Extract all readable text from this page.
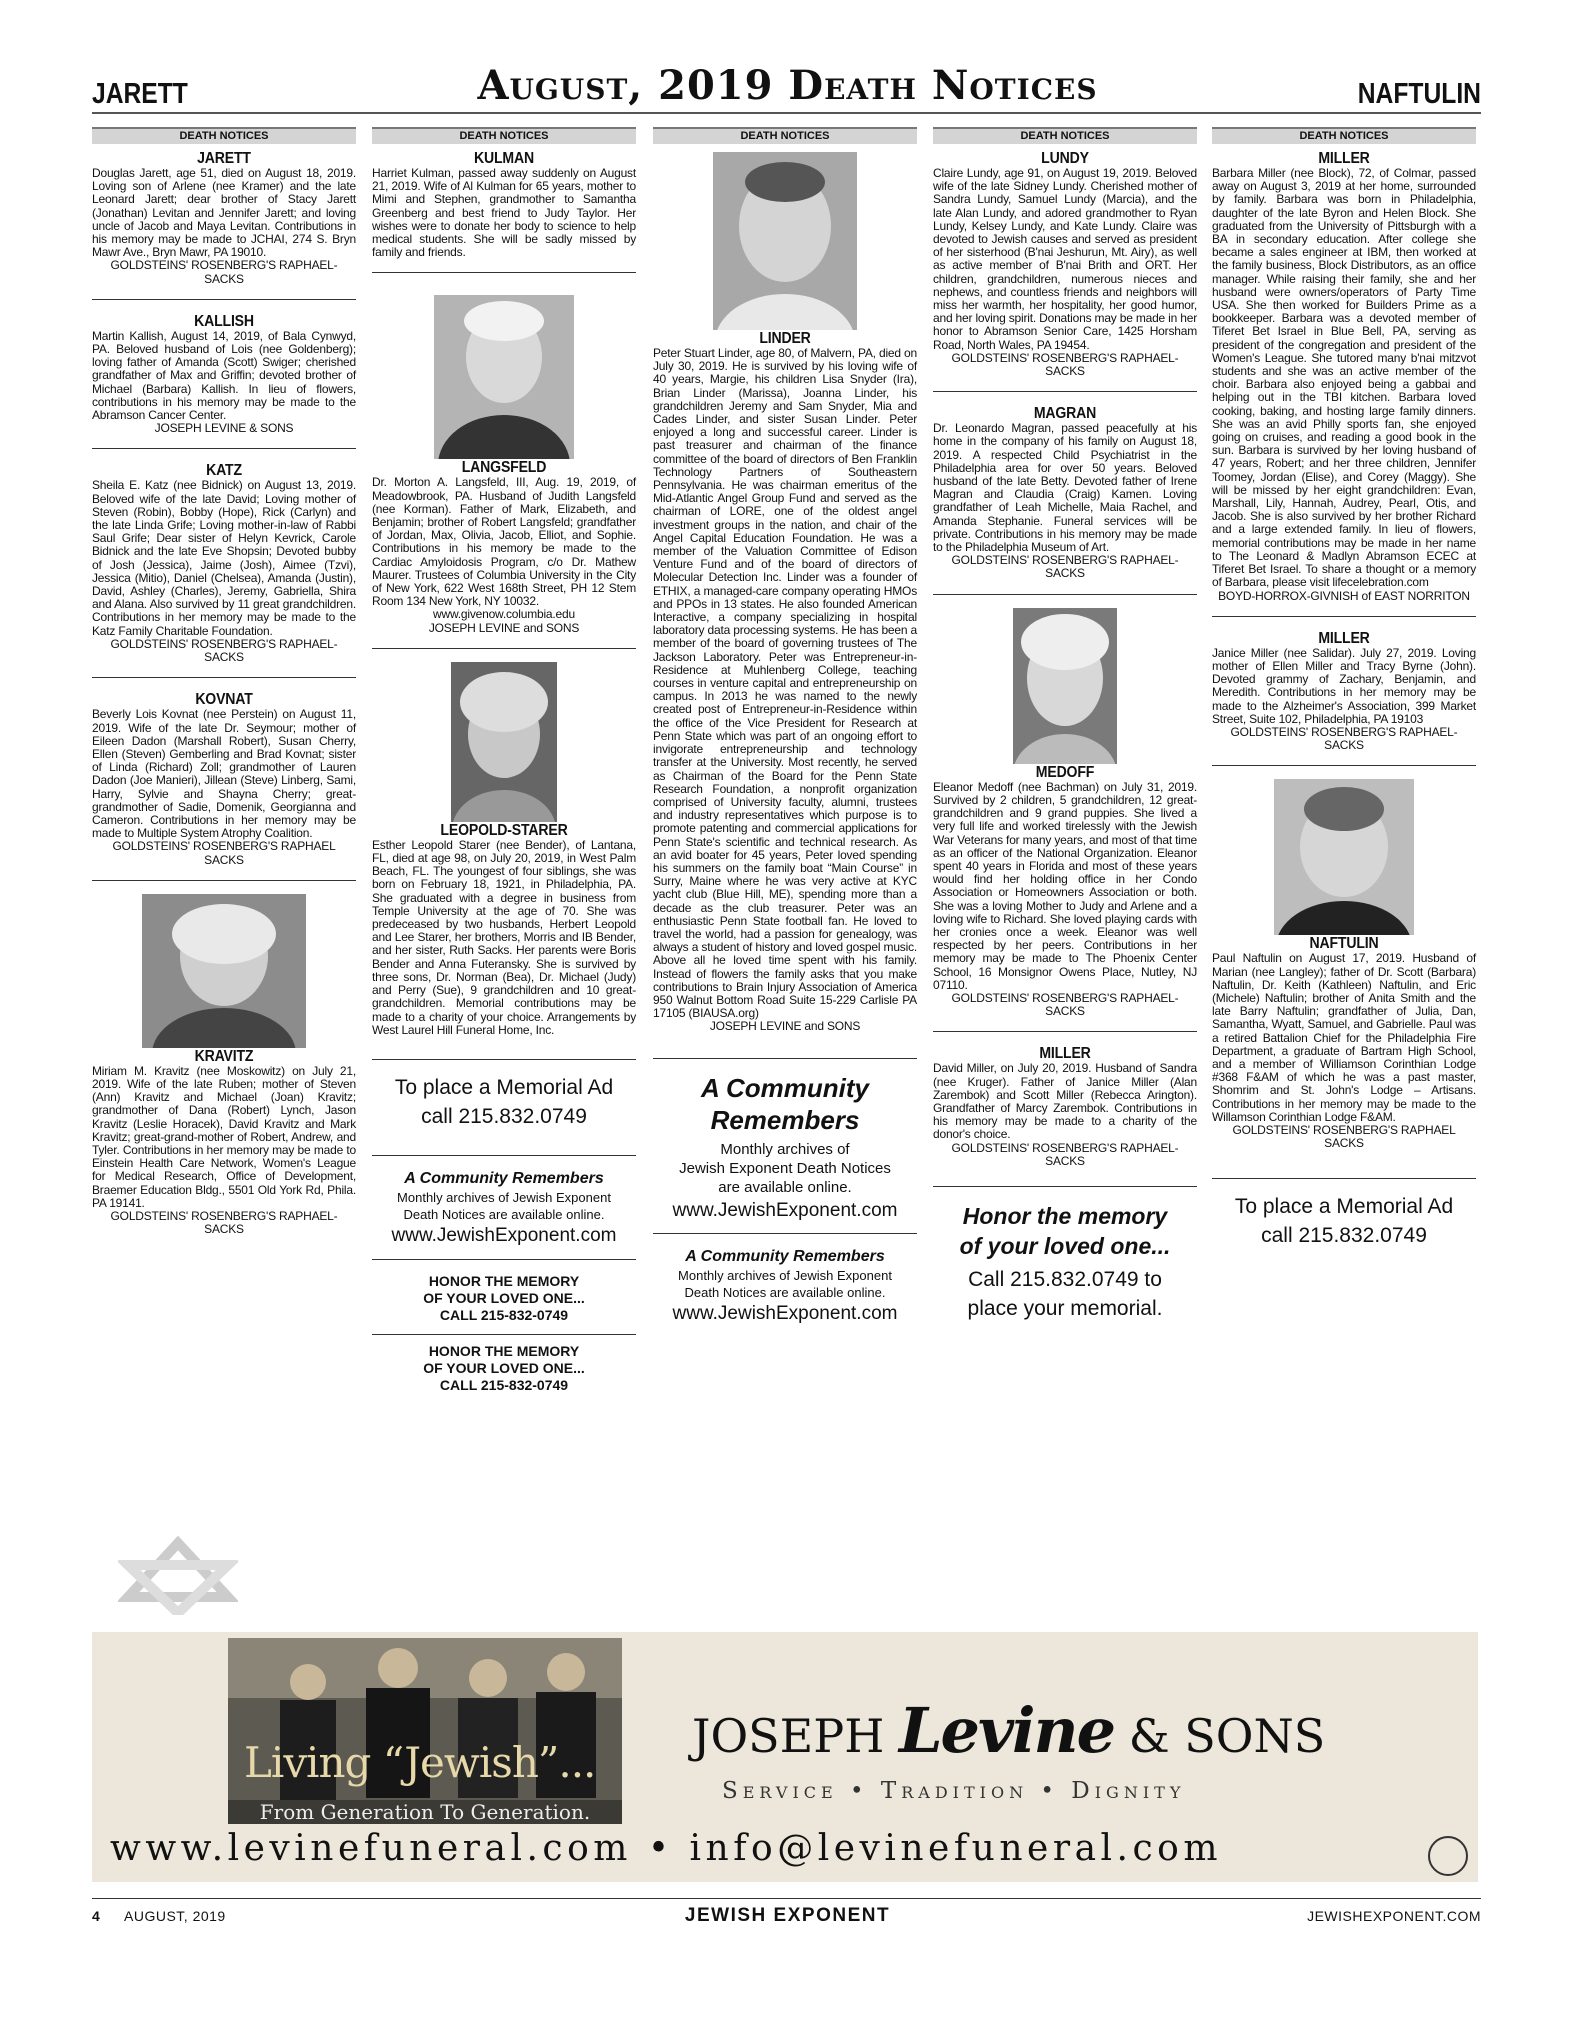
JARETT	August, 2019 Death Notices	NAFTULIN
DEATH NOTICES
JARETT
Douglas Jarett, age 51, died on August 18, 2019. Loving son of Arlene (nee Kramer) and the late Leonard Jarett; dear brother of Stacy Jarett (Jonathan) Levitan and Jennifer Jarett; and loving uncle of Jacob and Maya Levitan. Contributions in his memory may be made to JCHAI, 274 S. Bryn Mawr Ave., Bryn Mawr, PA 19010.
GOLDSTEINS' ROSENBERG'S RAPHAEL-SACKS
KALLISH
Martin Kallish, August 14, 2019, of Bala Cynwyd, PA. Beloved husband of Lois (nee Goldenberg); loving father of Amanda (Scott) Swiger; cherished grandfather of Max and Griffin; devoted brother of Michael (Barbara) Kallish. In lieu of flowers, contributions in his memory may be made to the Abramson Cancer Center.
JOSEPH LEVINE & SONS
KATZ
Sheila E. Katz (nee Bidnick) on August 13, 2019. Beloved wife of the late David; Loving mother of Steven (Robin), Bobby (Hope), Rick (Carlyn) and the late Linda Grife; Loving mother-in-law of Rabbi Saul Grife; Dear sister of Helyn Kevrick, Carole Bidnick and the late Eve Shopsin; Devoted bubby of Josh (Jessica), Jaime (Josh), Aimee (Tzvi), Jessica (Mitio), Daniel (Chelsea), Amanda (Justin), David, Ashley (Charles), Jeremy, Gabriella, Shira and Alana. Also survived by 11 great grandchildren. Contributions in her memory may be made to the Katz Family Charitable Foundation.
GOLDSTEINS' ROSENBERG'S RAPHAEL-SACKS
KOVNAT
Beverly Lois Kovnat (nee Perstein) on August 11, 2019. Wife of the late Dr. Seymour; mother of Eileen Dadon (Marshall Robert), Susan Cherry, Ellen (Steven) Gemberling and Brad Kovnat; sister of Linda (Richard) Zoll; grandmother of Lauren Dadon (Joe Manieri), Jillean (Steve) Linberg, Sami, Harry, Sylvie and Shayna Cherry; great-grandmother of Sadie, Domenik, Georgianna and Cameron. Contributions in her memory may be made to Multiple System Atrophy Coalition.
GOLDSTEINS' ROSENBERG'S RAPHAEL SACKS
KRAVITZ
Miriam M. Kravitz (nee Moskowitz) on July 21, 2019. Wife of the late Ruben; mother of Steven (Ann) Kravitz and Michael (Joan) Kravitz; grandmother of Dana (Robert) Lynch, Jason Kravitz (Leslie Horacek), David Kravitz and Mark Kravitz; great-grand-mother of Robert, Andrew, and Tyler. Contributions in her memory may be made to Einstein Health Care Network, Women's League for Medical Research, Office of Development, Braemer Education Bldg., 5501 Old York Rd, Phila. PA 19141.
GOLDSTEINS' ROSENBERG'S RAPHAEL-SACKS
DEATH NOTICES
KULMAN
Harriet Kulman, passed away suddenly on August 21, 2019. Wife of Al Kulman for 65 years, mother to Mimi and Stephen, grandmother to Samantha Greenberg and best friend to Judy Taylor. Her wishes were to donate her body to science to help medical students. She will be sadly missed by family and friends.
LANGSFELD
Dr. Morton A. Langsfeld, III, Aug. 19, 2019, of Meadowbrook, PA. Husband of Judith Langsfeld (nee Korman). Father of Mark, Elizabeth, and Benjamin; brother of Robert Langsfeld; grandfather of Jordan, Max, Olivia, Jacob, Elliot, and Sophie. Contributions in his memory be made to the Cardiac Amyloidosis Program, c/o Dr. Mathew Maurer. Trustees of Columbia University in the City of New York, 622 West 168th Street, PH 12 Stem Room 134 New York, NY 10032.
www.givenow.columbia.edu
JOSEPH LEVINE and SONS
LEOPOLD-STARER
Esther Leopold Starer (nee Bender), of Lantana, FL, died at age 98, on July 20, 2019, in West Palm Beach, FL. The youngest of four siblings, she was born on February 18, 1921, in Philadelphia, PA. She graduated with a degree in business from Temple University at the age of 70. She was predeceased by two husbands, Herbert Leopold and Lee Starer, her brothers, Morris and IB Bender, and her sister, Ruth Sacks. Her parents were Boris Bender and Anna Futeransky. She is survived by three sons, Dr. Norman (Bea), Dr. Michael (Judy) and Perry (Sue), 9 grandchildren and 10 great-grandchildren. Memorial contributions may be made to a charity of your choice. Arrangements by West Laurel Hill Funeral Home, Inc.
To place a Memorial Ad
call 215.832.0749
A Community Remembers
Monthly archives of Jewish Exponent
Death Notices are available online.
www.JewishExponent.com
HONOR THE MEMORY
OF YOUR LOVED ONE...
CALL 215-832-0749
HONOR THE MEMORY
OF YOUR LOVED ONE...
CALL 215-832-0749
DEATH NOTICES
LINDER
Peter Stuart Linder, age 80, of Malvern, PA, died on July 30, 2019. He is survived by his loving wife of 40 years, Margie, his children Lisa Snyder (Ira), Brian Linder (Marissa), Joanna Linder, his grandchildren Jeremy and Sam Snyder, Mia and Cades Linder, and sister Susan Linder. Peter enjoyed a long and successful career. Linder is past treasurer and chairman of the finance committee of the board of directors of Ben Franklin Technology Partners of Southeastern Pennsylvania. He was chairman emeritus of the Mid-Atlantic Angel Group Fund and served as the chairman of LORE, one of the oldest angel investment groups in the nation, and chair of the Angel Capital Education Foundation. He was a member of the Valuation Committee of Edison Venture Fund and of the board of directors of Molecular Detection Inc. Linder was a founder of ETHIX, a managed-care company operating HMOs and PPOs in 13 states. He also founded American Interactive, a company specializing in hospital laboratory data processing systems. He has been a member of the board of governing trustees of The Jackson Laboratory. Peter was Entrepreneur-in-Residence at Muhlenberg College, teaching courses in venture capital and entrepreneurship on campus. In 2013 he was named to the newly created post of Entrepreneur-in-Residence within the office of the Vice President for Research at Penn State which was part of an ongoing effort to invigorate entrepreneurship and technology transfer at the University. Most recently, he served as Chairman of the Board for the Penn State Research Foundation, a nonprofit organization comprised of University faculty, alumni, trustees and industry representatives which purpose is to promote patenting and commercial applications for Penn State's scientific and technical research. As an avid boater for 45 years, Peter loved spending his summers on the family boat “Main Course” in Surry, Maine where he was very active at KYC yacht club (Blue Hill, ME), spending more than a decade as the club treasurer. Peter was an enthusiastic Penn State football fan. He loved to travel the world, had a passion for genealogy, was always a student of history and loved gospel music. Above all he loved time spent with his family. Instead of flowers the family asks that you make contributions to Brain Injury Association of America 950 Walnut Bottom Road Suite 15-229 Carlisle PA 17105 (BIAUSA.org)
JOSEPH LEVINE and SONS
A Community Remembers
Monthly archives of
Jewish Exponent Death Notices
are available online.
www.JewishExponent.com
A Community Remembers
Monthly archives of Jewish Exponent
Death Notices are available online.
www.JewishExponent.com
DEATH NOTICES
LUNDY
Claire Lundy, age 91, on August 19, 2019. Beloved wife of the late Sidney Lundy. Cherished mother of Sandra Lundy, Samuel Lundy (Marcia), and the late Alan Lundy, and adored grandmother to Ryan Lundy, Kelsey Lundy, and Kate Lundy. Claire was devoted to Jewish causes and served as president of her sisterhood (B'nai Jeshurun, Mt. Airy), as well as active member of B'nai Brith and ORT. Her children, grandchildren, numerous nieces and nephews, and countless friends and neighbors will miss her warmth, her hospitality, her good humor, and her loving spirit. Donations may be made in her honor to Abramson Senior Care, 1425 Horsham Road, North Wales, PA 19454.
GOLDSTEINS' ROSENBERG'S RAPHAEL-SACKS
MAGRAN
Dr. Leonardo Magran, passed peacefully at his home in the company of his family on August 18, 2019. A respected Child Psychiatrist in the Philadelphia area for over 50 years. Beloved husband of the late Betty. Devoted father of Irene Magran and Claudia (Craig) Kamen. Loving grandfather of Leah Michelle, Maia Rachel, and Amanda Stephanie. Funeral services will be private. Contributions in his memory may be made to the Philadelphia Museum of Art.
GOLDSTEINS' ROSENBERG'S RAPHAEL-SACKS
MEDOFF
Eleanor Medoff (nee Bachman) on July 31, 2019. Survived by 2 children, 5 grandchildren, 12 great- grandchildren and 9 grand puppies. She lived a very full life and worked tirelessly with the Jewish War Veterans for many years, and most of that time as an officer of the National Organization. Eleanor spent 40 years in Florida and most of these years would find her holding office in her Condo Association or Homeowners Association or both. She was a loving Mother to Judy and Arlene and a loving wife to Richard. She loved playing cards with her cronies once a week. Eleanor was well respected by her peers. Contributions in her memory may be made to The Phoenix Center School, 16 Monsignor Owens Place, Nutley, NJ 07110.
GOLDSTEINS' ROSENBERG'S RAPHAEL-SACKS
MILLER
David Miller, on July 20, 2019. Husband of Sandra (nee Kruger). Father of Janice Miller (Alan Zarembok) and Scott Miller (Rebecca Arington). Grandfather of Marcy Zarembok. Contributions in his memory may be made to a charity of the donor's choice.
GOLDSTEINS' ROSENBERG'S RAPHAEL-SACKS
Honor the memory
of your loved one...
Call 215.832.0749 to
place your memorial.
DEATH NOTICES
MILLER
Barbara Miller (nee Block), 72, of Colmar, passed away on August 3, 2019 at her home, surrounded by family. Barbara was born in Philadelphia, daughter of the late Byron and Helen Block. She graduated from the University of Pittsburgh with a BA in secondary education. After college she became a sales engineer at IBM, then worked at the family business, Block Distributors, as an office manager. While raising their family, she and her husband were owners/operators of Party Time USA. She then worked for Builders Prime as a bookkeeper. Barbara was a devoted member of Tiferet Bet Israel in Blue Bell, PA, serving as president of the congregation and president of the Women's League. She tutored many b'nai mitzvot students and she was an active member of the choir. Barbara also enjoyed being a gabbai and helping out in the TBI kitchen. Barbara loved cooking, baking, and hosting large family dinners. She was an avid Philly sports fan, she enjoyed going on cruises, and reading a good book in the sun. Barbara is survived by her loving husband of 47 years, Robert; and her three children, Jennifer Toomey, Jordan (Elise), and Corey (Maggy). She will be missed by her eight grandchildren: Evan, Marshall, Lily, Hannah, Audrey, Pearl, Otis, and Jacob. She is also survived by her brother Richard and a large extended family. In lieu of flowers, memorial contributions may be made in her name to The Leonard & Madlyn Abramson ECEC at Tiferet Bet Israel. To share a thought or a memory of Barbara, please visit lifecelebration.com
BOYD-HORROX-GIVNISH of EAST NORRITON
MILLER
Janice Miller (nee Salidar). July 27, 2019. Loving mother of Ellen Miller and Tracy Byrne (John). Devoted grammy of Zachary, Benjamin, and Meredith. Contributions in her memory may be made to the Alzheimer's Association, 399 Market Street, Suite 102, Philadelphia, PA 19103
GOLDSTEINS' ROSENBERG'S RAPHAEL-SACKS
NAFTULIN
Paul Naftulin on August 17, 2019. Husband of Marian (nee Langley); father of Dr. Scott (Barbara) Naftulin, Dr. Keith (Kathleen) Naftulin, and Eric (Michele) Naftulin; brother of Anita Smith and the late Barry Naftulin; grandfather of Julia, Dan, Samantha, Wyatt, Samuel, and Gabrielle. Paul was a retired Battalion Chief for the Philadelphia Fire Department, a graduate of Bartram High School, and a member of Williamson Corinthian Lodge #368 F&AM of which he was a past master, Shomrim and St. John's Lodge – Artisans. Contributions in her memory may be made to the Willamson Corinthian Lodge F&AM.
GOLDSTEINS' ROSENBERG'S RAPHAEL SACKS
To place a Memorial Ad
call 215.832.0749
Living “Jewish”...
From Generation To Generation.
JOSEPH Levine & SONS
Service • Tradition • Dignity
www.levinefuneral.com • info@levinefuneral.com
4 AUGUST, 2019	JEWISH EXPONENT	JEWISHEXPONENT.COM
